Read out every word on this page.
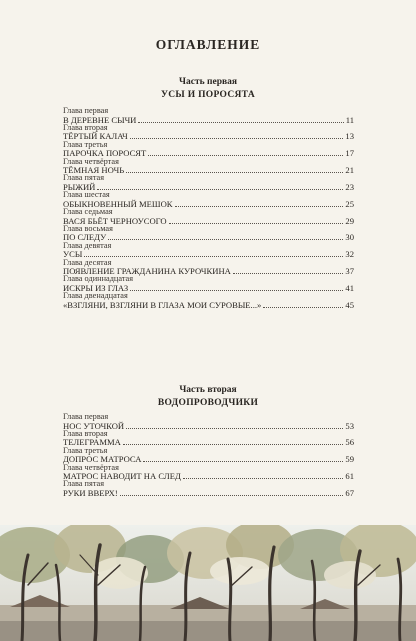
ОГЛАВЛЕНИЕ
Часть первая
УСЫ И ПОРОСЯТА
Глава первая
В ДЕРЕВНЕ СЫЧИ	11
Глава вторая
ТЁРТЫЙ КАЛАЧ	13
Глава третья
ПАРОЧКА ПОРОСЯТ	17
Глава четвёртая
ТЁМНАЯ НОЧЬ	21
Глава пятая
РЫЖИЙ	23
Глава шестая
ОБЫКНОВЕННЫЙ МЕШОК	25
Глава седьмая
ВАСЯ БЬЁТ ЧЕРНОУСОГО	29
Глава восьмая
ПО СЛЕДУ	30
Глава девятая
УСЫ	32
Глава десятая
ПОЯВЛЕНИЕ ГРАЖДАНИНА КУРОЧКИНА	37
Глава одиннадцатая
ИСКРЫ ИЗ ГЛАЗ	41
Глава двенадцатая
«ВЗГЛЯНИ, ВЗГЛЯНИ В ГЛАЗА МОИ СУРОВЫЕ...»	45
Часть вторая
ВОДОПРОВОДЧИКИ
Глава первая
НОС УТОЧКОЙ	53
Глава вторая
ТЕЛЕГРАММА	56
Глава третья
ДОПРОС МАТРОСА	59
Глава четвёртая
МАТРОС НАВОДИТ НА СЛЕД	61
Глава пятая
РУКИ ВВЕРХ!	67
